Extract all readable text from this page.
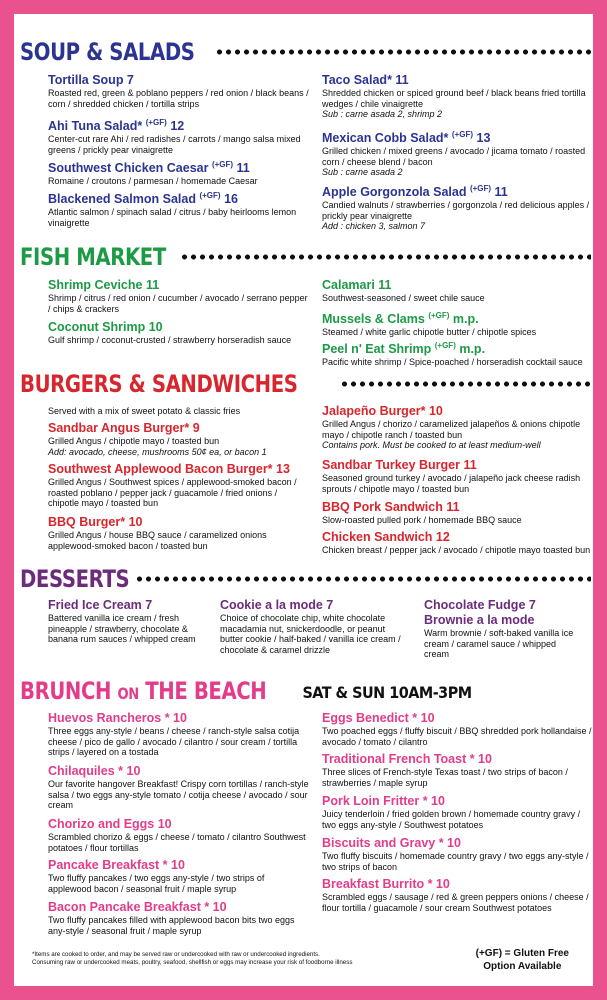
SOUP & SALADS
Tortilla Soup 7
Roasted red, green & poblano peppers / red onion / black beans / corn / shredded chicken / tortilla strips
Ahi Tuna Salad* $^{(+GF)}$ 12
Center-cut rare Ahi / red radishes / carrots / mango salsa mixed greens / prickly pear vinaigrette
Southwest Chicken Caesar $^{(+GF)}$ 11
Romaine / croutons / parmesan / homemade Caesar
Blackened Salmon Salad $^{(+GF)}$ 16
Atlantic salmon / spinach salad / citrus / baby heirlooms lemon vinaigrette
Taco Salad* 11
Shredded chicken or spiced ground beef / black beans fried tortilla wedges / chile vinaigrette
Sub : carne asada 2, shrimp 2
Mexican Cobb Salad* $^{(+GF)}$ 13
Grilled chicken / mixed greens / avocado / jicama tomato / roasted corn / cheese blend / bacon
Sub : carne asada 2
Apple Gorgonzola Salad $^{(+GF)}$ 11
Candied walnuts / strawberries / gorgonzola / red delicious apples / prickly pear vinaigrette
Add : chicken 3, salmon 7
FISH MARKET
Shrimp Ceviche 11
Shrimp / citrus / red onion / cucumber / avocado / serrano pepper / chips & crackers
Coconut Shrimp 10
Gulf shrimp / coconut-crusted / strawberry horseradish sauce
Calamari 11
Southwest-seasoned / sweet chile sauce
Mussels & Clams $^{(+GF)}$ m.p.
Steamed / white garlic chipotle butter / chipotle spices
Peel n' Eat Shrimp $^{(+GF)}$ m.p.
Pacific white shrimp / Spice-poached / horseradish cocktail sauce
BURGERS & SANDWICHES
Served with a mix of sweet potato & classic fries
Sandbar Angus Burger* 9
Grilled Angus / chipotle mayo / toasted bun
Add: avocado, cheese, mushrooms 50¢ ea, or bacon 1
Southwest Applewood Bacon Burger* 13
Grilled Angus / Southwest spices / applewood-smoked bacon / roasted poblano / pepper jack / guacamole / fried onions / chipotle mayo / toasted bun
BBQ Burger* 10
Grilled Angus / house BBQ sauce / caramelized onions applewood-smoked bacon / toasted bun
Jalapeño Burger* 10
Grilled Angus / chorizo / caramelized jalapeños & onions chipotle mayo / chipotle ranch / toasted bun
Contains pork. Must be cooked to at least medium-well
Sandbar Turkey Burger 11
Seasoned ground turkey / avocado / jalapeño jack cheese radish sprouts / chipotle mayo / toasted bun
BBQ Pork Sandwich 11
Slow-roasted pulled pork / homemade BBQ sauce
Chicken Sandwich 12
Chicken breast / pepper jack / avocado / chipotle mayo toasted bun
DESSERTS
Fried Ice Cream 7
Battered vanilla ice cream / fresh pineapple / strawberry, chocolate & banana rum sauces / whipped cream
Cookie a la mode 7
Choice of chocolate chip, white chocolate macadamia nut, snickerdoodle, or peanut butter cookie / half-baked / vanilla ice cream / chocolate & caramel drizzle
Chocolate Fudge 7
Brownie a la mode
Warm brownie / soft-baked vanilla ice cream / caramel sauce / whipped cream
BRUNCH
ON
THE BEACH SAT & SUN 10AM-3PM
Huevos Rancheros * 10
Three eggs any-style / beans / cheese / ranch-style salsa cotija cheese / pico de gallo / avocado / cilantro / sour cream / tortilla strips / layered on a tostada
Chilaquiles * 10
Our favorite hangover Breakfast! Crispy corn tortillas / ranch-style salsa / two eggs any-style tomato / cotija cheese / avocado / sour cream
Chorizo and Eggs 10
Scrambled chorizo & eggs / cheese / tomato / cilantro Southwest potatoes / flour tortillas
Pancake Breakfast * 10
Two fluffy pancakes / two eggs any-style / two strips of applewood bacon / seasonal fruit / maple syrup
Bacon Pancake Breakfast * 10
Two fluffy pancakes filled with applewood bacon bits two eggs any-style / seasonal fruit / maple syrup
Eggs Benedict * 10
Two poached eggs / fluffy biscuit / BBQ shredded pork hollandaise / avocado / tomato / cilantro
Traditional French Toast * 10
Three slices of French-style Texas toast / two strips of bacon / strawberries / maple syrup
Pork Loin Fritter * 10
Juicy tenderloin / fried golden brown / homemade country gravy / two eggs any-style / Southwest potatoes
Biscuits and Gravy * 10
Two fluffy biscuits / homemade country gravy / two eggs any-style / two strips of bacon
Breakfast Burrito * 10
Scrambled eggs / sausage / red & green peppers onions / cheese / flour tortilla / guacamole / sour cream Southwest potatoes
*Items are cooked to order, and may be served raw or undercooked with raw or undercooked ingredients.
Consuming raw or undercooked meats, poultry, seafood, shellfish or eggs may increase your risk of foodborne illness
(+GF) = Gluten Free
Option Available
